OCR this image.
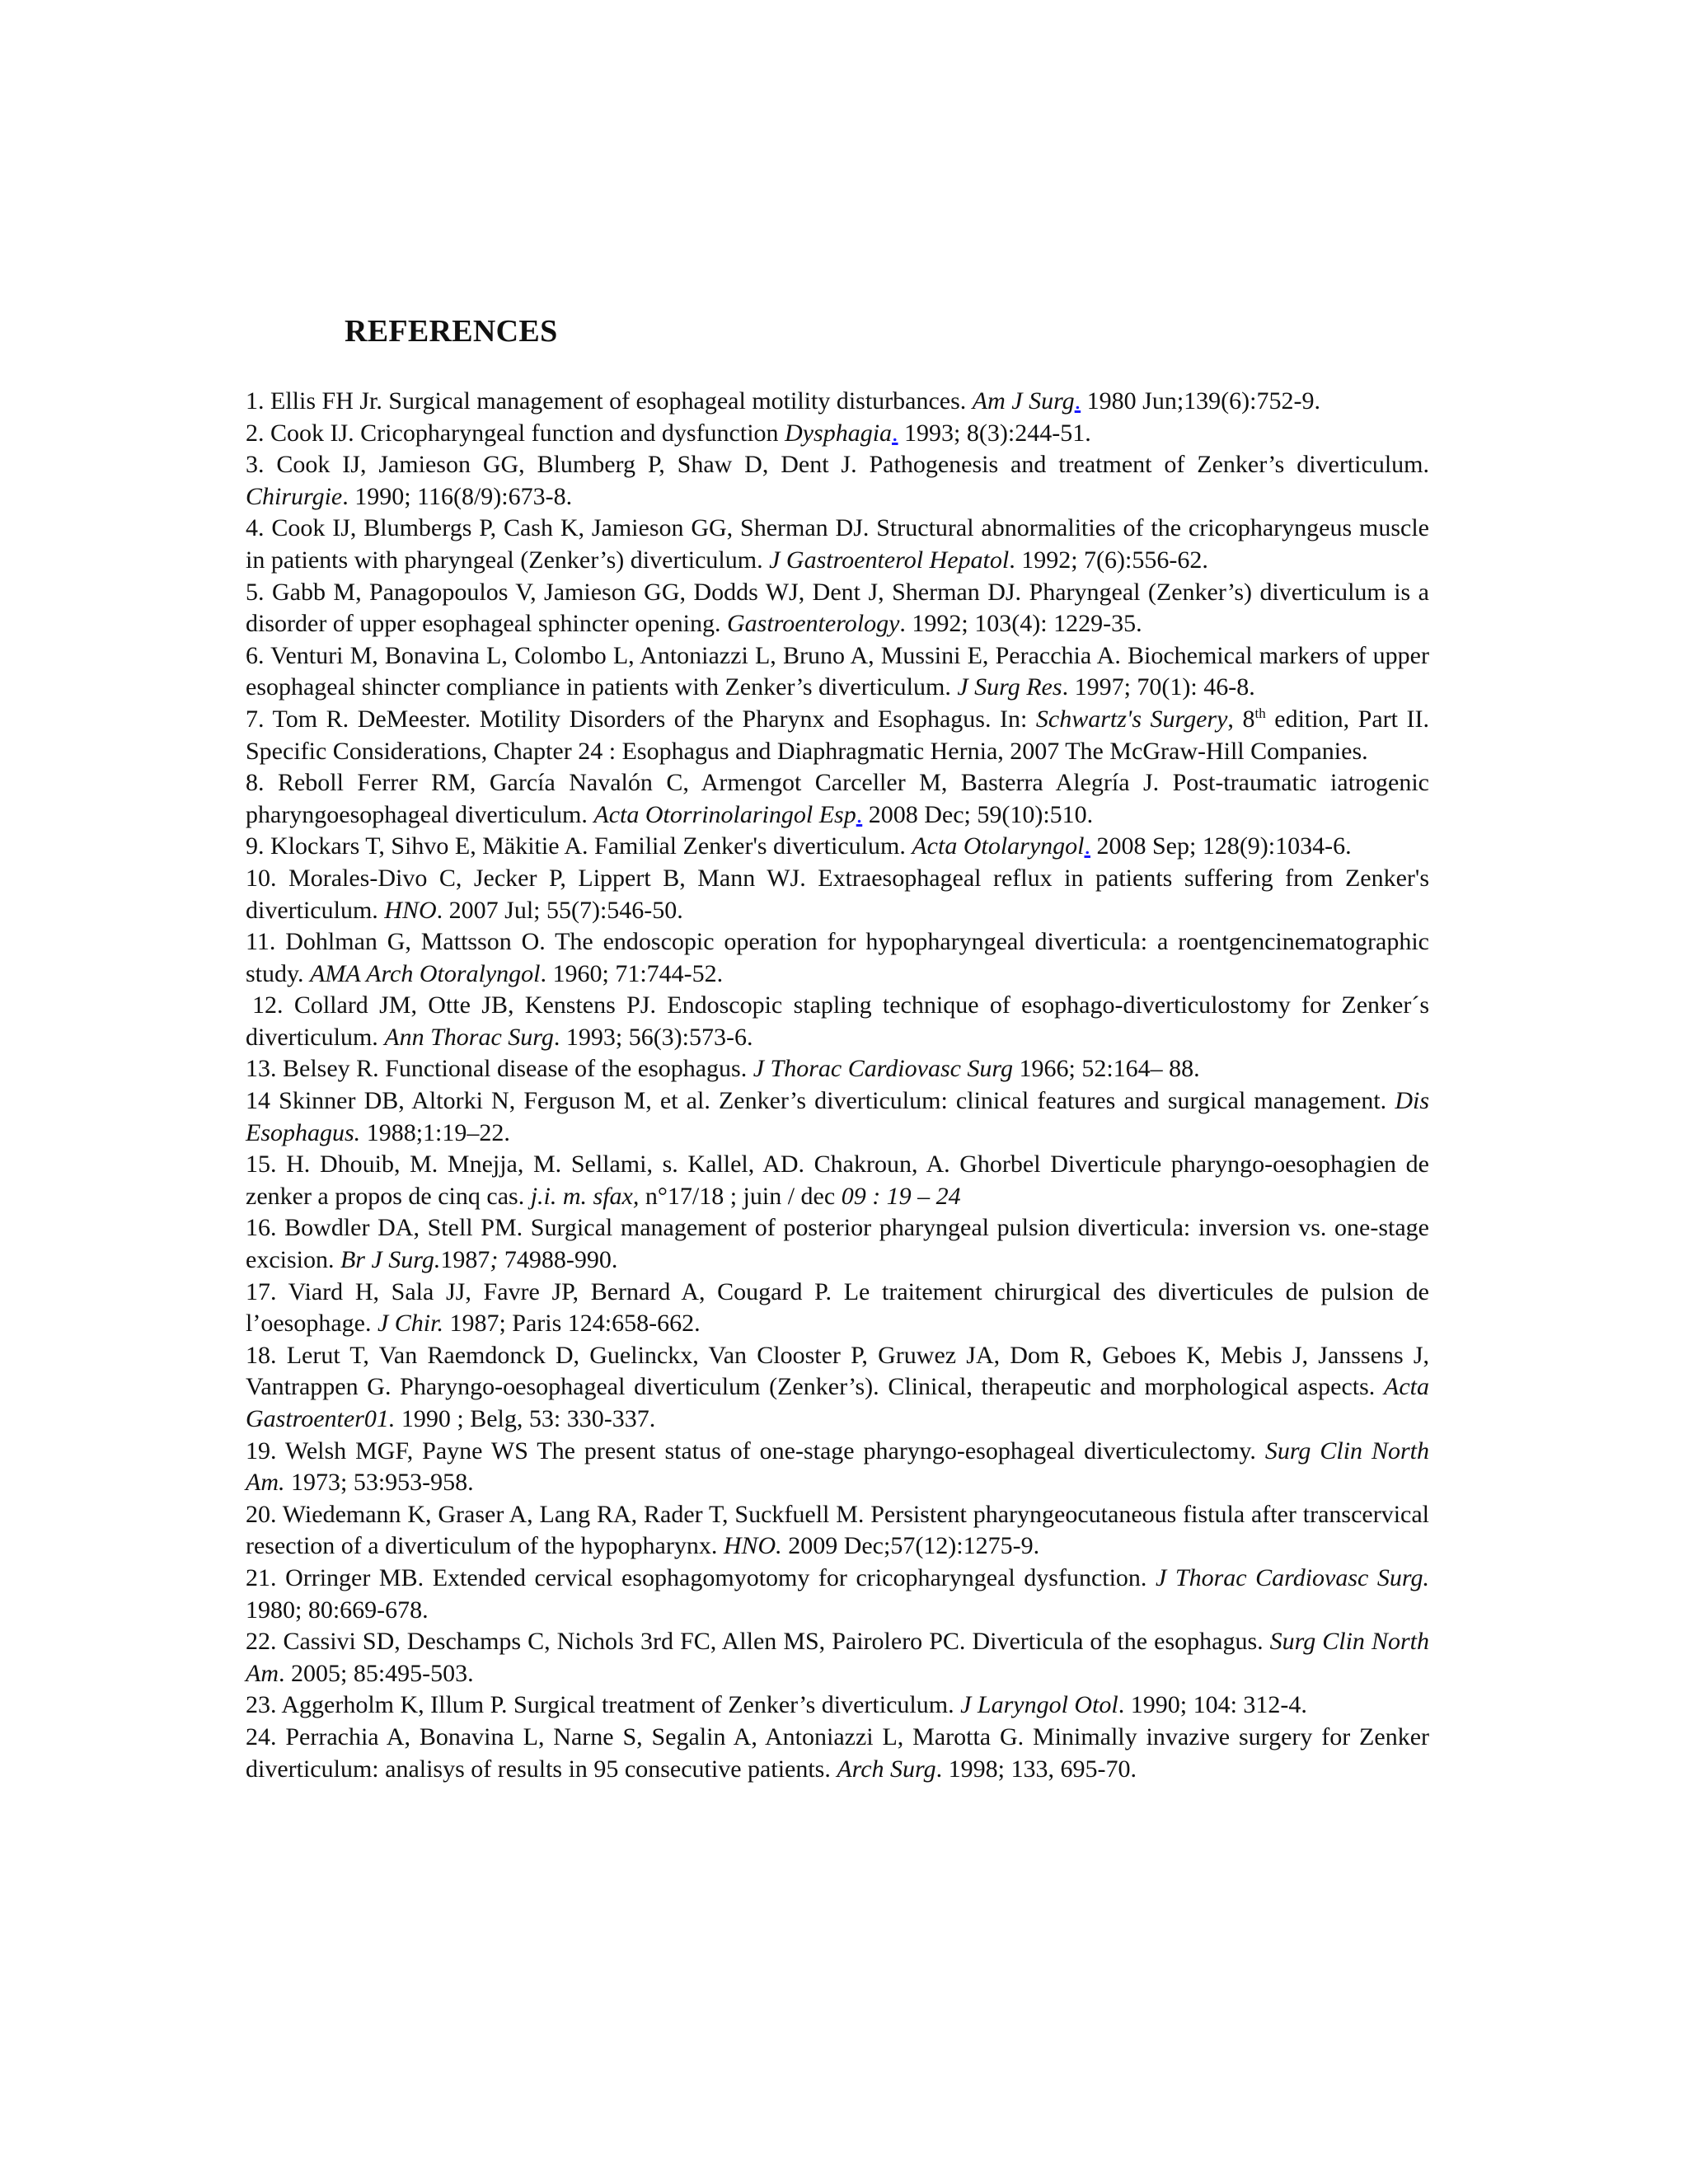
REFERENCES

1. Ellis FH Jr. Surgical management of esophageal motility disturbances. Am J Surg. 1980 Jun;139(6):752-9.

2. Cook IJ. Cricopharyngeal function and dysfunction Dysphagia. 1993; 8(3):244-51.

3. Cook IJ, Jamieson GG, Blumberg P, Shaw D, Dent J. Pathogenesis and treatment of Zenker’s diverticulum. Chirurgie. 1990; 116(8/9):673-8.

4. Cook IJ, Blumbergs P, Cash K, Jamieson GG, Sherman DJ. Structural abnormalities of the cricopharyngeus muscle in patients with pharyngeal (Zenker’s) diverticulum. J Gastroenterol Hepatol. 1992; 7(6):556-62.

5. Gabb M, Panagopoulos V, Jamieson GG, Dodds WJ, Dent J, Sherman DJ. Pharyngeal (Zenker’s) diverticulum is a disorder of upper esophageal sphincter opening. Gastroenterology. 1992; 103(4): 1229-35.

6. Venturi M, Bonavina L, Colombo L, Antoniazzi L, Bruno A, Mussini E, Peracchia A. Biochemical markers of upper esophageal shincter compliance in patients with Zenker’s diverticulum. J Surg Res. 1997; 70(1): 46-8.

7. Tom R. DeMeester. Motility Disorders of the Pharynx and Esophagus. In: Schwartz's Surgery, 8th edition, Part II. Specific Considerations, Chapter 24 : Esophagus and Diaphragmatic Hernia, 2007 The McGraw-Hill Companies.

8. Reboll Ferrer RM, García Navalón C, Armengot Carceller M, Basterra Alegría J. Post-traumatic iatrogenic pharyngoesophageal diverticulum. Acta Otorrinolaringol Esp. 2008 Dec; 59(10):510.

9. Klockars T, Sihvo E, Mäkitie A. Familial Zenker's diverticulum. Acta Otolaryngol. 2008 Sep; 128(9):1034-6.

10. Morales-Divo C, Jecker P, Lippert B, Mann WJ. Extraesophageal reflux in patients suffering from Zenker's diverticulum. HNO. 2007 Jul; 55(7):546-50.

11. Dohlman G, Mattsson O. The endoscopic operation for hypopharyngeal diverticula: a roentgencinematographic study. AMA Arch Otoralyngol. 1960; 71:744-52.

12. Collard JM, Otte JB, Kenstens PJ. Endoscopic stapling technique of esophago-diverticulostomy for Zenker´s diverticulum. Ann Thorac Surg. 1993; 56(3):573-6.

13. Belsey R. Functional disease of the esophagus. J Thorac Cardiovasc Surg 1966; 52:164– 88.

14 Skinner DB, Altorki N, Ferguson M, et al. Zenker’s diverticulum: clinical features and surgical management. Dis Esophagus. 1988;1:19–22.

15. H. Dhouib, M. Mnejja, M. Sellami, s. Kallel, AD. Chakroun, A. Ghorbel Diverticule pharyngo-oesophagien de zenker a propos de cinq cas. j.i. m. sfax, n°17/18 ; juin / dec 09 : 19 – 24

16. Bowdler DA, Stell PM. Surgical management of posterior pharyngeal pulsion diverticula: inversion vs. one-stage excision. Br J Surg.1987; 74988-990.

17. Viard H, Sala JJ, Favre JP, Bernard A, Cougard P. Le traitement chirurgical des diverticules de pulsion de l’oesophage. J Chir. 1987; Paris 124:658-662.

18. Lerut T, Van Raemdonck D, Guelinckx, Van Clooster P, Gruwez JA, Dom R, Geboes K, Mebis J, Janssens J, Vantrappen G. Pharyngo-oesophageal diverticulum (Zenker’s). Clinical, therapeutic and morphological aspects. Acta Gastroenter01. 1990 ; Belg, 53: 330-337.

19. Welsh MGF, Payne WS The present status of one-stage pharyngo-esophageal diverticulectomy. Surg Clin North Am. 1973; 53:953-958.

20. Wiedemann K, Graser A, Lang RA, Rader T, Suckfuell M. Persistent pharyngeocutaneous fistula after transcervical resection of a diverticulum of the hypopharynx. HNO. 2009 Dec;57(12):1275-9.

21. Orringer MB. Extended cervical esophagomyotomy for cricopharyngeal dysfunction. J Thorac Cardiovasc Surg. 1980; 80:669-678.

22. Cassivi SD, Deschamps C, Nichols 3rd FC, Allen MS, Pairolero PC. Diverticula of the esophagus. Surg Clin North Am. 2005; 85:495-503.

23. Aggerholm K, Illum P. Surgical treatment of Zenker’s diverticulum. J Laryngol Otol. 1990; 104: 312-4.

24. Perrachia A, Bonavina L, Narne S, Segalin A, Antoniazzi L, Marotta G. Minimally invazive surgery for Zenker diverticulum: analisys of results in 95 consecutive patients. Arch Surg. 1998; 133, 695-70.
